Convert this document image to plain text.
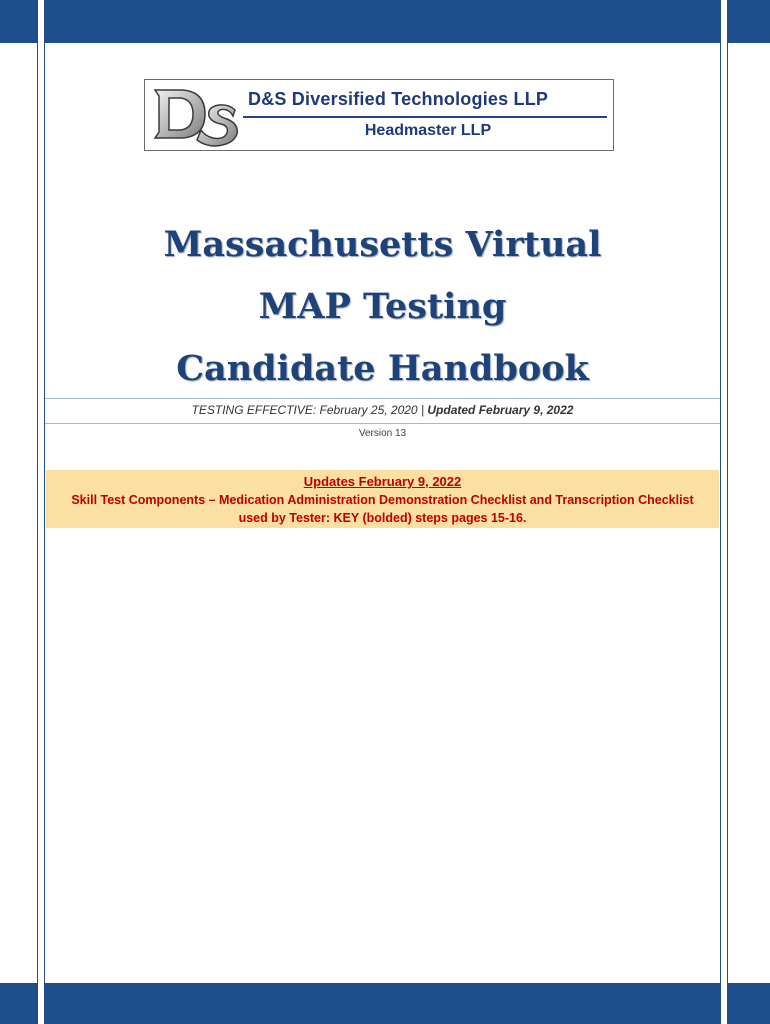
D&S Diversified Technologies LLP
Headmaster LLP
Massachusetts Virtual
MAP Testing
Candidate Handbook
TESTING EFFECTIVE: February 25, 2020 | Updated February 9, 2022
Version 13
Updates February 9, 2022
Skill Test Components – Medication Administration Demonstration Checklist and Transcription Checklist
used by Tester: KEY (bolded) steps pages 15-16.
